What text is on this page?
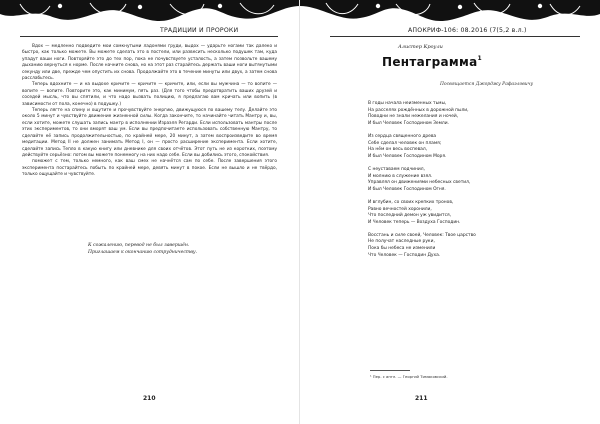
ТРАДИЦИИ И ПРОРОКИ

Вдох — медленно подведите мои сомкнутыми ладонями груди, выдох — ударьте ногами так далеко и быстро, как только можете. Вы можете сделать это в постели, или развесить несколько подушек там, куда упадут ваши ноги. Повторяйте это до тех пор, пока не почувствуете усталость, а затем позвольте вашему дыханию вернуться к норме. После начните снова, но на этот раз старайтесь держать ваши ноги вытянутыми секунду или две, прежде чем опустить их снова. Продолжайте это в течение минуты или двух, а затем снова расслабьтесь.

Теперь вдохните — и на выдохе кричите — кричите — кричите, или, если вы мужчина — то вопите — вопите — вопите. Повторите это, как минимум, пять раз. (Для того чтобы предотвратить ваших друзей и соседей мысль, что вы спятили, и что надо вызвать полицию, я предлагаю вам кричать или вопить (в зависимости от пола, конечно) в подушку.)

Теперь лягте на спину и ощутите и прочувствуйте энергию, движущуюся по вашему телу. Делайте это около 5 минут и чувствуйте движение жизненной силы. Когда закончите, то начинайте читать Мантру и, вы, если хотите, можете слушать запись мантр в исполнении Израэля Регарди. Если использовать мантры после этих экспериментов, то они вморят ваш ум. Если вы предпочитаете использовать собственную Мантру, то сделайте её запись продолжительностью, по крайней мере, 20 минут, а затем воспроизведите во время медитации. Метод II не должен занимать Метод I, он — просто расширение эксперимента. Если хотите, сделайте запись Тепло в какую книгу или дневнике для своих отчётов. Этот путь не из коротких, поэтому действуйте серьёзно: потом вы можете понемногу на них надо себе. Если вы добились этого, спокойствия.

поможет с тем, только немного, как ваш смех не начнётся сам по себе. После завершения этого эксперимента постарайтесь побыть по крайней мере, девять минут в покое. Если не вышло и не твёрдо, только ощущайте и чувствуйте.

К сожалению, перевод не был завершён.
Приглашаем к окончанию сотрудничеству.
210
АПОКРИФ-106: 08.2016 (7(5,2 в.л.)
Алистер Кроули
Пентаграмма$^1$
Посвящается Джорджу Рафаэловичу
В годы начала неизменных тьмы,
На расселях рождённых в дорожной пыли,
Поводни не знали нежелания и ночей,
И был Человек Господином Земли.
Из сердца священного древа
Себе сделал человек он пламя;
На нём он весь воспевал,
И был Человек Господином Моря.
С неуставаем подчинил,
И молнию в служение взял.
Управлял он движениями небесных светил,
И был Человек Господином Огня.
И вглубин, со своих крепких тронов,
Равно вечностей хоронили,
Что последний демон уж увидится,
И Человек теперь — Воздуха Господин.
Восстань и силе своей, Человек: Твое царство
Не получат наследные руки,
Пока бы небеса не изменили
Что Человек — Господин Духа.
¹ Пер. с англ. — Георгий Тимаковский.
211
